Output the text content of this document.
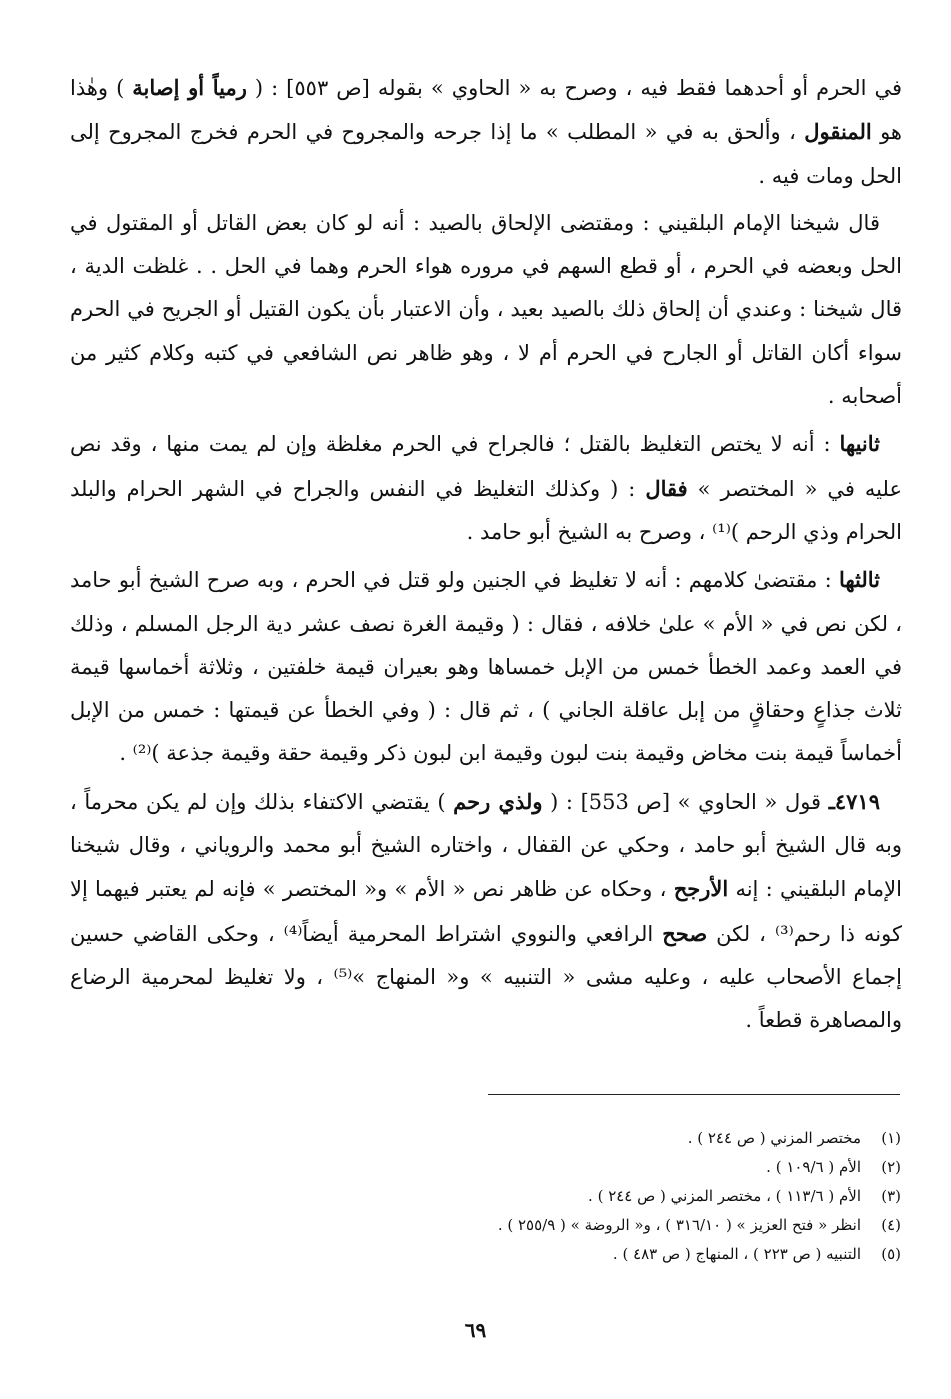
في الحرم أو أحدهما فقط فيه ، وصرح به « الحاوي » بقوله [ص ٥٥٣] : ( رمياً أو إصابة ) وهٰذا هو المنقول ، وألحق به في « المطلب » ما إذا جرحه والمجروح في الحرم فخرج المجروح إلى الحل ومات فيه .

قال شيخنا الإمام البلقيني : ومقتضى الإلحاق بالصيد : أنه لو كان بعض القاتل أو المقتول في الحل وبعضه في الحرم ، أو قطع السهم في مروره هواء الحرم وهما في الحل . . غلظت الدية ، قال شيخنا : وعندي أن إلحاق ذلك بالصيد بعيد ، وأن الاعتبار بأن يكون القتيل أو الجريح في الحرم سواء أكان القاتل أو الجارح في الحرم أم لا ، وهو ظاهر نص الشافعي في كتبه وكلام كثير من أصحابه .

ثانيها : أنه لا يختص التغليظ بالقتل ؛ فالجراح في الحرم مغلظة وإن لم يمت منها ، وقد نص عليه في « المختصر » فقال : ( وكذلك التغليظ في النفس والجراح في الشهر الحرام والبلد الحرام وذي الرحم )⁽¹⁾ ، وصرح به الشيخ أبو حامد .

ثالثها : مقتضىٰ كلامهم : أنه لا تغليظ في الجنين ولو قتل في الحرم ، وبه صرح الشيخ أبو حامد ، لكن نص في « الأم » علىٰ خلافه ، فقال : ( وقيمة الغرة نصف عشر دية الرجل المسلم ، وذلك في العمد وعمد الخطأ خمس من الإبل خمساها وهو بعيران قيمة خلفتين ، وثلاثة أخماسها قيمة ثلاث جذاعٍ وحقاقٍ من إبل عاقلة الجاني ) ، ثم قال : ( وفي الخطأ عن قيمتها : خمس من الإبل أخماساً قيمة بنت مخاض وقيمة بنت لبون وقيمة ابن لبون ذكر وقيمة حقة وقيمة جذعة )⁽²⁾ .

٤٧١٩ـ قول « الحاوي » [ص 553] : ( ولذي رحم ) يقتضي الاكتفاء بذلك وإن لم يكن محرماً ، وبه قال الشيخ أبو حامد ، وحكي عن القفال ، واختاره الشيخ أبو محمد والروياني ، وقال شيخنا الإمام البلقيني : إنه الأرجح ، وحكاه عن ظاهر نص « الأم » و« المختصر » فإنه لم يعتبر فيهما إلا كونه ذا رحم⁽³⁾ ، لكن صحح الرافعي والنووي اشتراط المحرمية أيضاً⁽⁴⁾ ، وحكى القاضي حسين إجماع الأصحاب عليه ، وعليه مشى « التنبيه » و« المنهاج »⁽⁵⁾ ، ولا تغليظ لمحرمية الرضاع والمصاهرة قطعاً .

(١)
مختصر المزني ( ص ٢٤٤ ) .
(٢)
الأم ( ١٠٩/٦ ) .
(٣)
الأم ( ١١٣/٦ ) ، مختصر المزني ( ص ٢٤٤ ) .
(٤)
انظر « فتح العزيز » ( ٣١٦/١٠ ) ، و« الروضة » ( ٢٥٥/٩ ) .
(٥)
التنبيه ( ص ٢٢٣ ) ، المنهاج ( ص ٤٨٣ ) .
٦٩
